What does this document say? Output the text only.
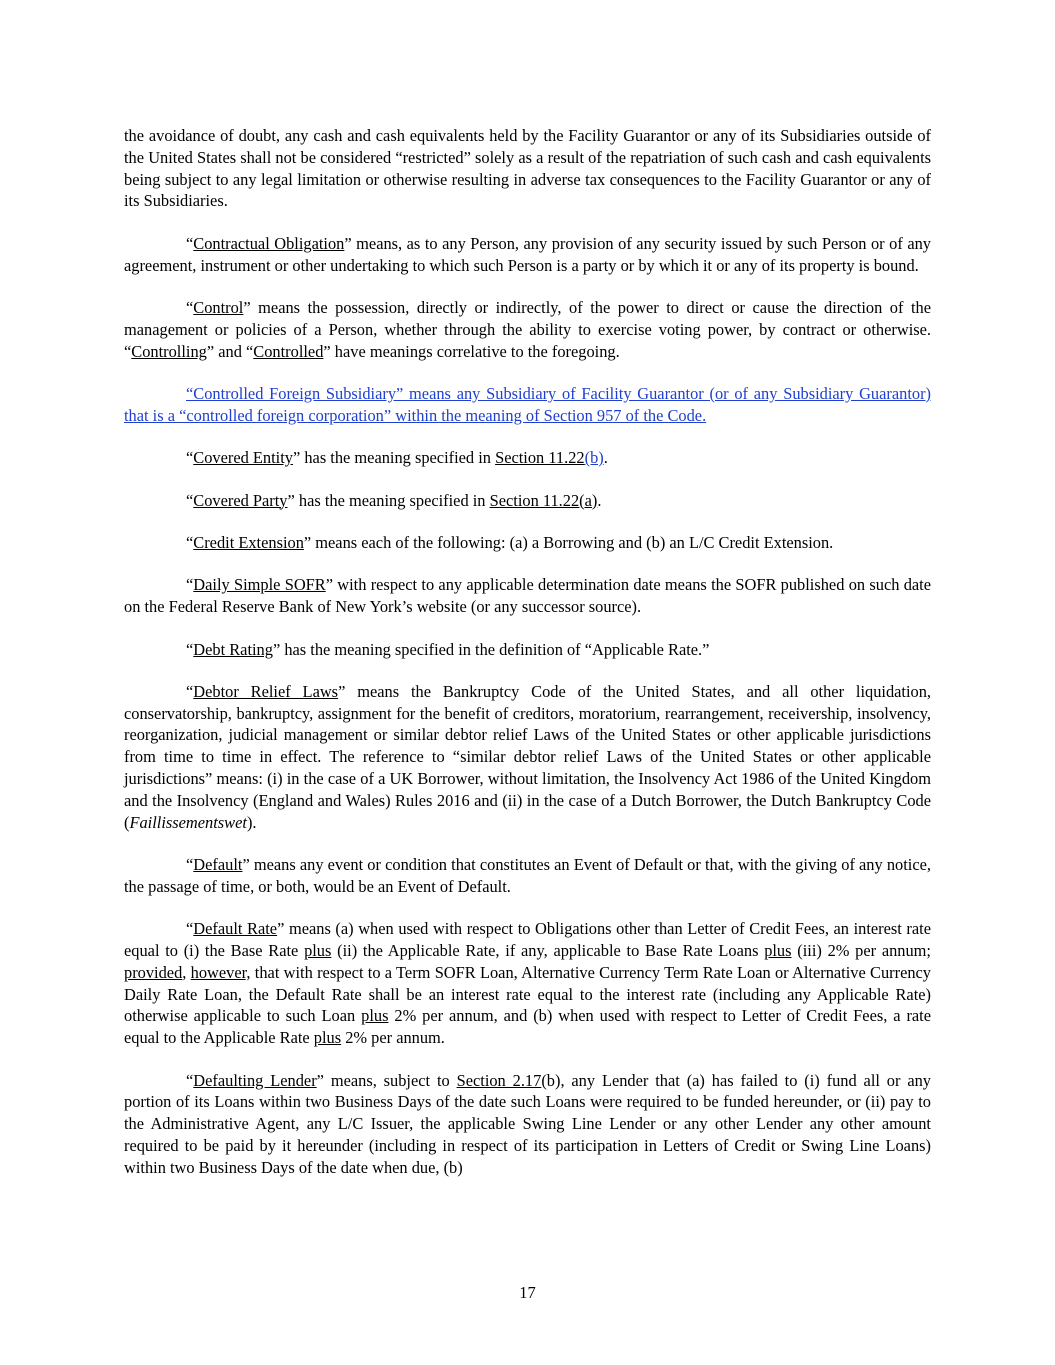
the avoidance of doubt, any cash and cash equivalents held by the Facility Guarantor or any of its Subsidiaries outside of the United States shall not be considered “restricted” solely as a result of the repatriation of such cash and cash equivalents being subject to any legal limitation or otherwise resulting in adverse tax consequences to the Facility Guarantor or any of its Subsidiaries.

“Contractual Obligation” means, as to any Person, any provision of any security issued by such Person or of any agreement, instrument or other undertaking to which such Person is a party or by which it or any of its property is bound.

“Control” means the possession, directly or indirectly, of the power to direct or cause the direction of the management or policies of a Person, whether through the ability to exercise voting power, by contract or otherwise. “Controlling” and “Controlled” have meanings correlative to the foregoing.

“Controlled Foreign Subsidiary” means any Subsidiary of Facility Guarantor (or of any Subsidiary Guarantor) that is a “controlled foreign corporation” within the meaning of Section 957 of the Code.

“Covered Entity” has the meaning specified in Section 11.22(b).

“Covered Party” has the meaning specified in Section 11.22(a).

“Credit Extension” means each of the following: (a) a Borrowing and (b) an L/C Credit Extension.

“Daily Simple SOFR” with respect to any applicable determination date means the SOFR published on such date on the Federal Reserve Bank of New York’s website (or any successor source).

“Debt Rating” has the meaning specified in the definition of “Applicable Rate.”

“Debtor Relief Laws” means the Bankruptcy Code of the United States, and all other liquidation, conservatorship, bankruptcy, assignment for the benefit of creditors, moratorium, rearrangement, receivership, insolvency, reorganization, judicial management or similar debtor relief Laws of the United States or other applicable jurisdictions from time to time in effect. The reference to “similar debtor relief Laws of the United States or other applicable jurisdictions” means: (i) in the case of a UK Borrower, without limitation, the Insolvency Act 1986 of the United Kingdom and the Insolvency (England and Wales) Rules 2016 and (ii) in the case of a Dutch Borrower, the Dutch Bankruptcy Code (Faillissementswet).

“Default” means any event or condition that constitutes an Event of Default or that, with the giving of any notice, the passage of time, or both, would be an Event of Default.

“Default Rate” means (a) when used with respect to Obligations other than Letter of Credit Fees, an interest rate equal to (i) the Base Rate plus (ii) the Applicable Rate, if any, applicable to Base Rate Loans plus (iii) 2% per annum; provided, however, that with respect to a Term SOFR Loan, Alternative Currency Term Rate Loan or Alternative Currency Daily Rate Loan, the Default Rate shall be an interest rate equal to the interest rate (including any Applicable Rate) otherwise applicable to such Loan plus 2% per annum, and (b) when used with respect to Letter of Credit Fees, a rate equal to the Applicable Rate plus 2% per annum.

“Defaulting Lender” means, subject to Section 2.17(b), any Lender that (a) has failed to (i) fund all or any portion of its Loans within two Business Days of the date such Loans were required to be funded hereunder, or (ii) pay to the Administrative Agent, any L/C Issuer, the applicable Swing Line Lender or any other Lender any other amount required to be paid by it hereunder (including in respect of its participation in Letters of Credit or Swing Line Loans) within two Business Days of the date when due, (b)

17
